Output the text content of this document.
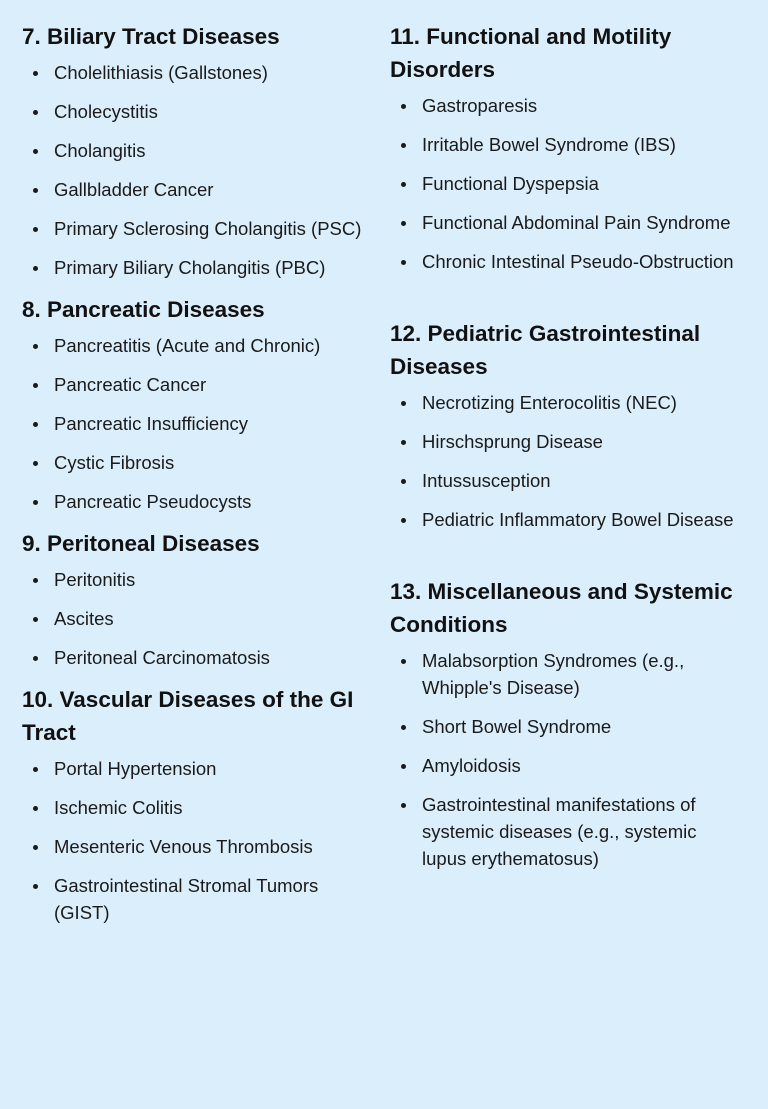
7. Biliary Tract Diseases
Cholelithiasis (Gallstones)
Cholecystitis
Cholangitis
Gallbladder Cancer
Primary Sclerosing Cholangitis (PSC)
Primary Biliary Cholangitis (PBC)
8. Pancreatic Diseases
Pancreatitis (Acute and Chronic)
Pancreatic Cancer
Pancreatic Insufficiency
Cystic Fibrosis
Pancreatic Pseudocysts
9. Peritoneal Diseases
Peritonitis
Ascites
Peritoneal Carcinomatosis
10. Vascular Diseases of the GI Tract
Portal Hypertension
Ischemic Colitis
Mesenteric Venous Thrombosis
Gastrointestinal Stromal Tumors (GIST)
11. Functional and Motility Disorders
Gastroparesis
Irritable Bowel Syndrome (IBS)
Functional Dyspepsia
Functional Abdominal Pain Syndrome
Chronic Intestinal Pseudo-Obstruction
12. Pediatric Gastrointestinal Diseases
Necrotizing Enterocolitis (NEC)
Hirschsprung Disease
Intussusception
Pediatric Inflammatory Bowel Disease
13. Miscellaneous and Systemic Conditions
Malabsorption Syndromes (e.g., Whipple's Disease)
Short Bowel Syndrome
Amyloidosis
Gastrointestinal manifestations of systemic diseases (e.g., systemic lupus erythematosus)
